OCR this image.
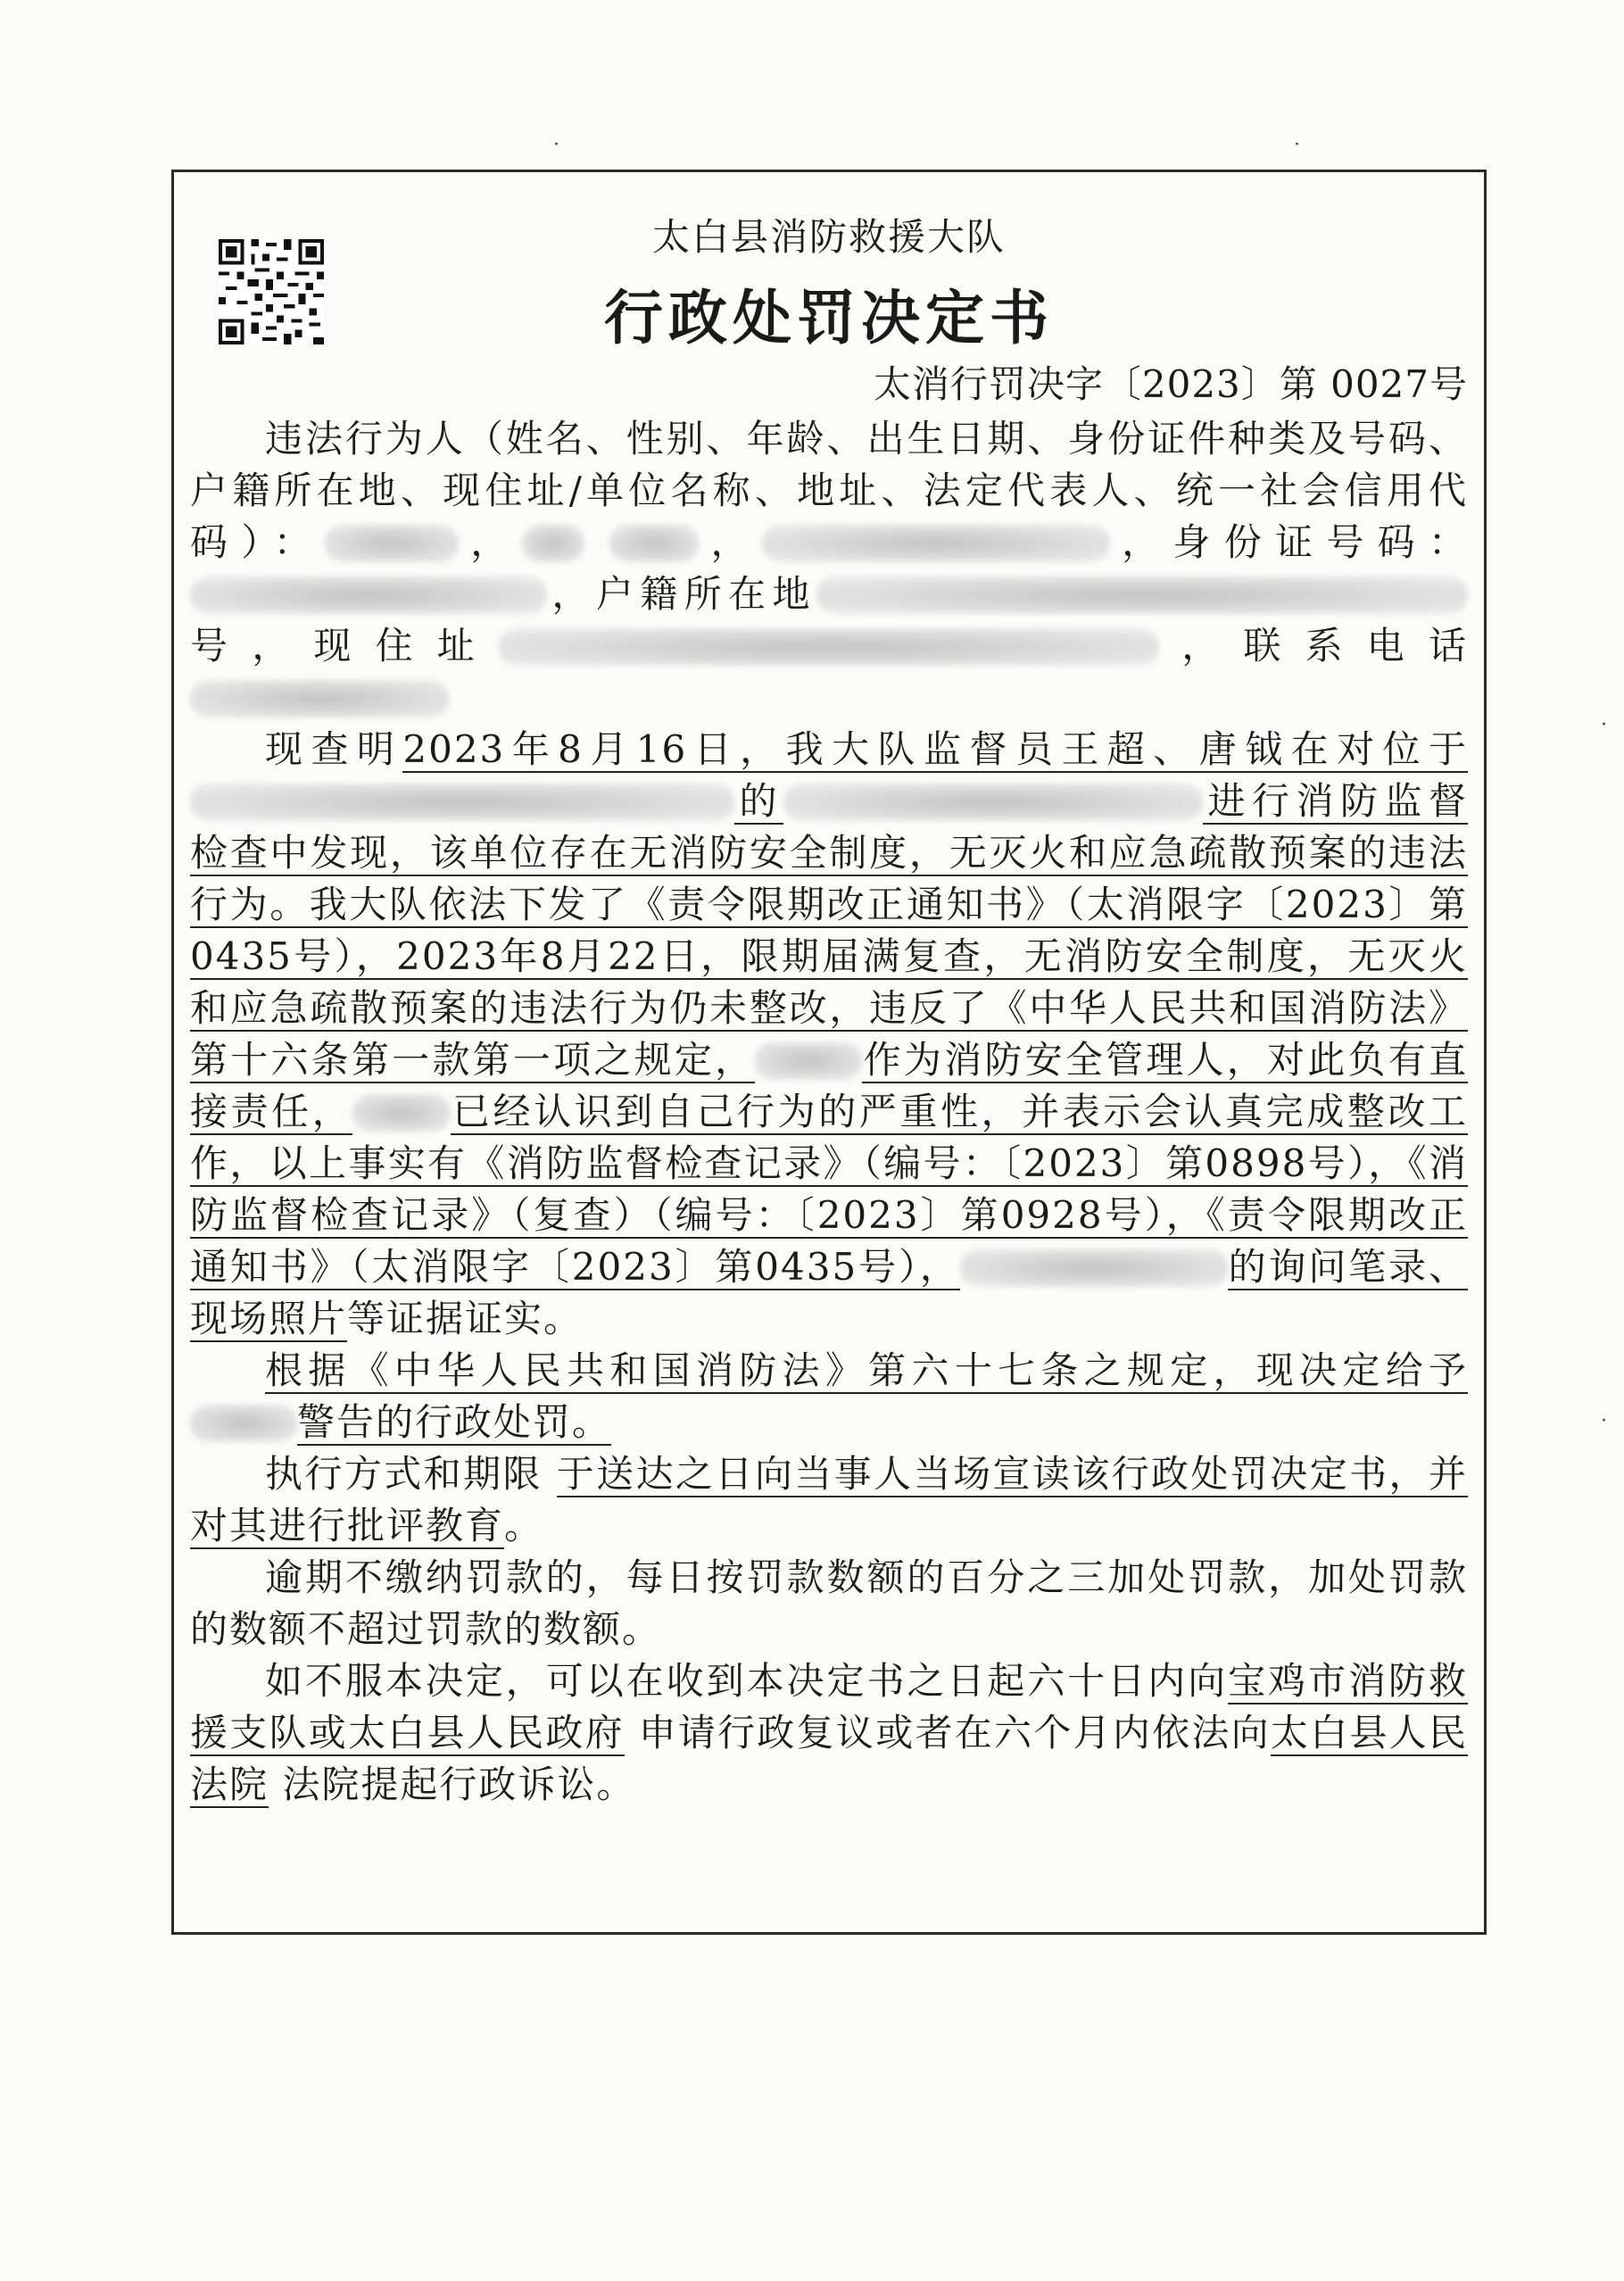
·	·
·
·
太白县消防救援大队
行政处罚决定书
太消行罚决字〔2023〕第 0027号

违法行为人（姓名、性别、年龄、出生日期、身份证件种类及号码、户籍所在地、现住址/单位名称、地址、法定代表人、统一社会信用代码）：	，	，	，身份证号码：，户籍所在地号，现住址	，联系电话

现查明2023年8月16日，我大队监督员王超、唐钺在对位于的	进行消防监督检查中发现，该单位存在无消防安全制度，无灭火和应急疏散预案的违法行为。我大队依法下发了《责令限期改正通知书》（太消限字〔2023〕第0435号），2023年8月22日，限期届满复查，无消防安全制度，无灭火和应急疏散预案的违法行为仍未整改，违反了《中华人民共和国消防法》第十六条第一款第一项之规定，	作为消防安全管理人，对此负有直接责任，	已经认识到自己行为的严重性，并表示会认真完成整改工作，以上事实有《消防监督检查记录》（编号：〔2023〕第0898号），《消防监督检查记录》（复查）（编号：〔2023〕第0928号），《责令限期改正通知书》（太消限字〔2023〕第0435号），	的询问笔录、现场照片等证据证实。

根据《中华人民共和国消防法》第六十七条之规定，现决定给予警告的行政处罚。

执行方式和期限 于送达之日向当事人当场宣读该行政处罚决定书，并对其进行批评教育。

逾期不缴纳罚款的，每日按罚款数额的百分之三加处罚款，加处罚款的数额不超过罚款的数额。

如不服本决定，可以在收到本决定书之日起六十日内向宝鸡市消防救援支队或太白县人民政府 申请行政复议或者在六个月内依法向太白县人民法院 法院提起行政诉讼。
